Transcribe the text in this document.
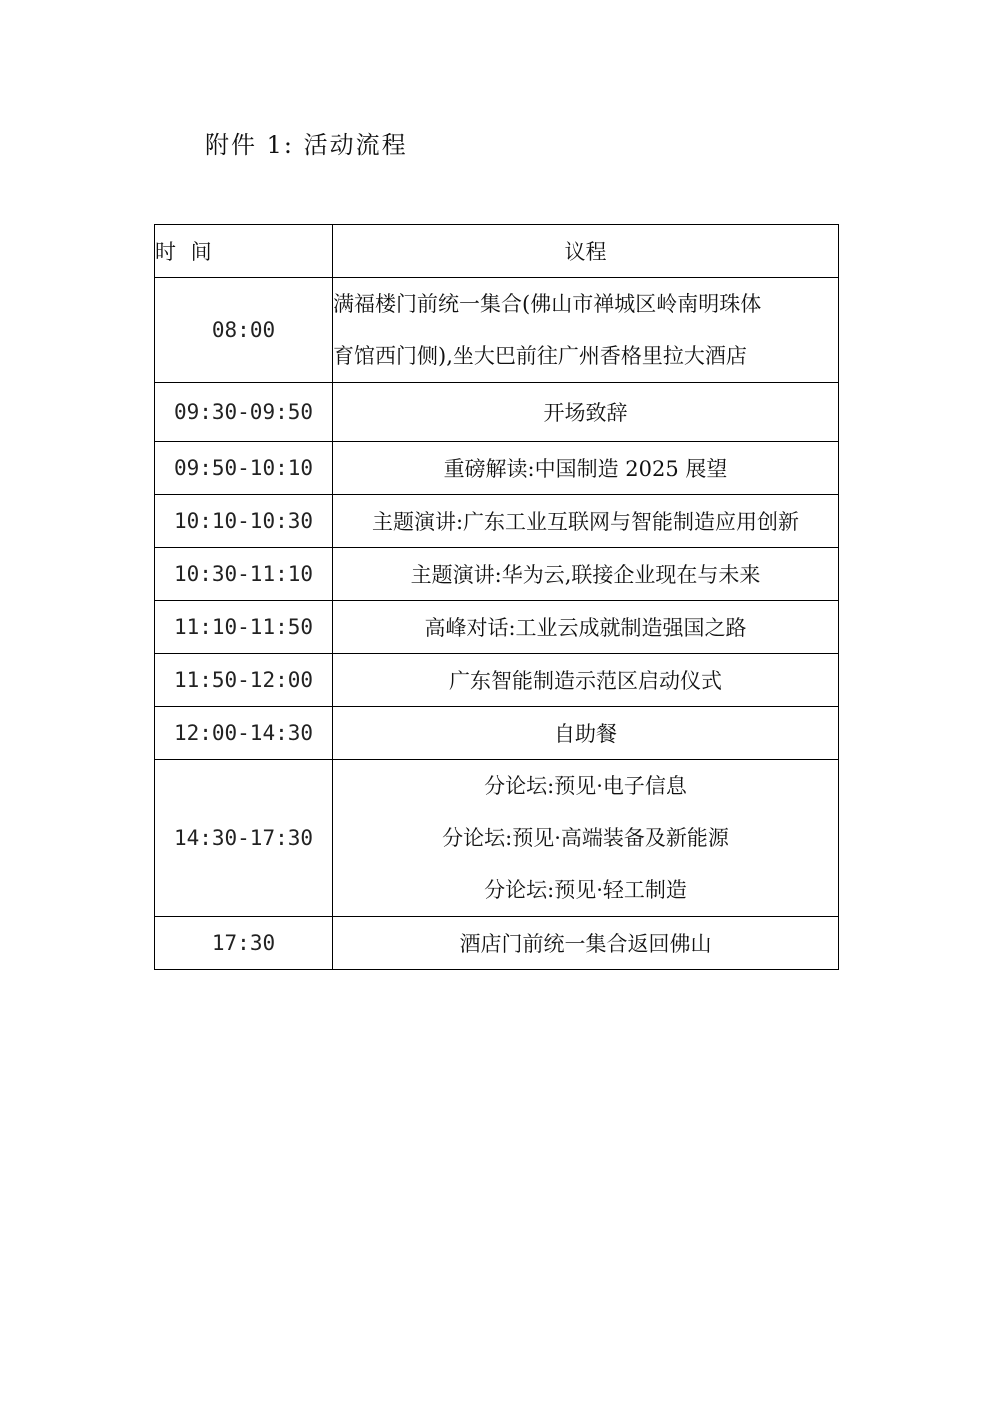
附件 1: 活动流程
时 间	议程
08:00	满福楼门前统一集合(佛山市禅城区岭南明珠体
育馆西门侧),坐大巴前往广州香格里拉大酒店

09:30-09:50	开场致辞
09:50-10:10	重磅解读:中国制造 2025 展望
10:10-10:30	主题演讲:广东工业互联网与智能制造应用创新
10:30-11:10	主题演讲:华为云,联接企业现在与未来
11:10-11:50	高峰对话:工业云成就制造强国之路
11:50-12:00	广东智能制造示范区启动仪式
12:00-14:30	自助餐
14:30-17:30	分论坛:预见·电子信息
分论坛:预见·高端装备及新能源
分论坛:预见·轻工制造

17:30	酒店门前统一集合返回佛山
